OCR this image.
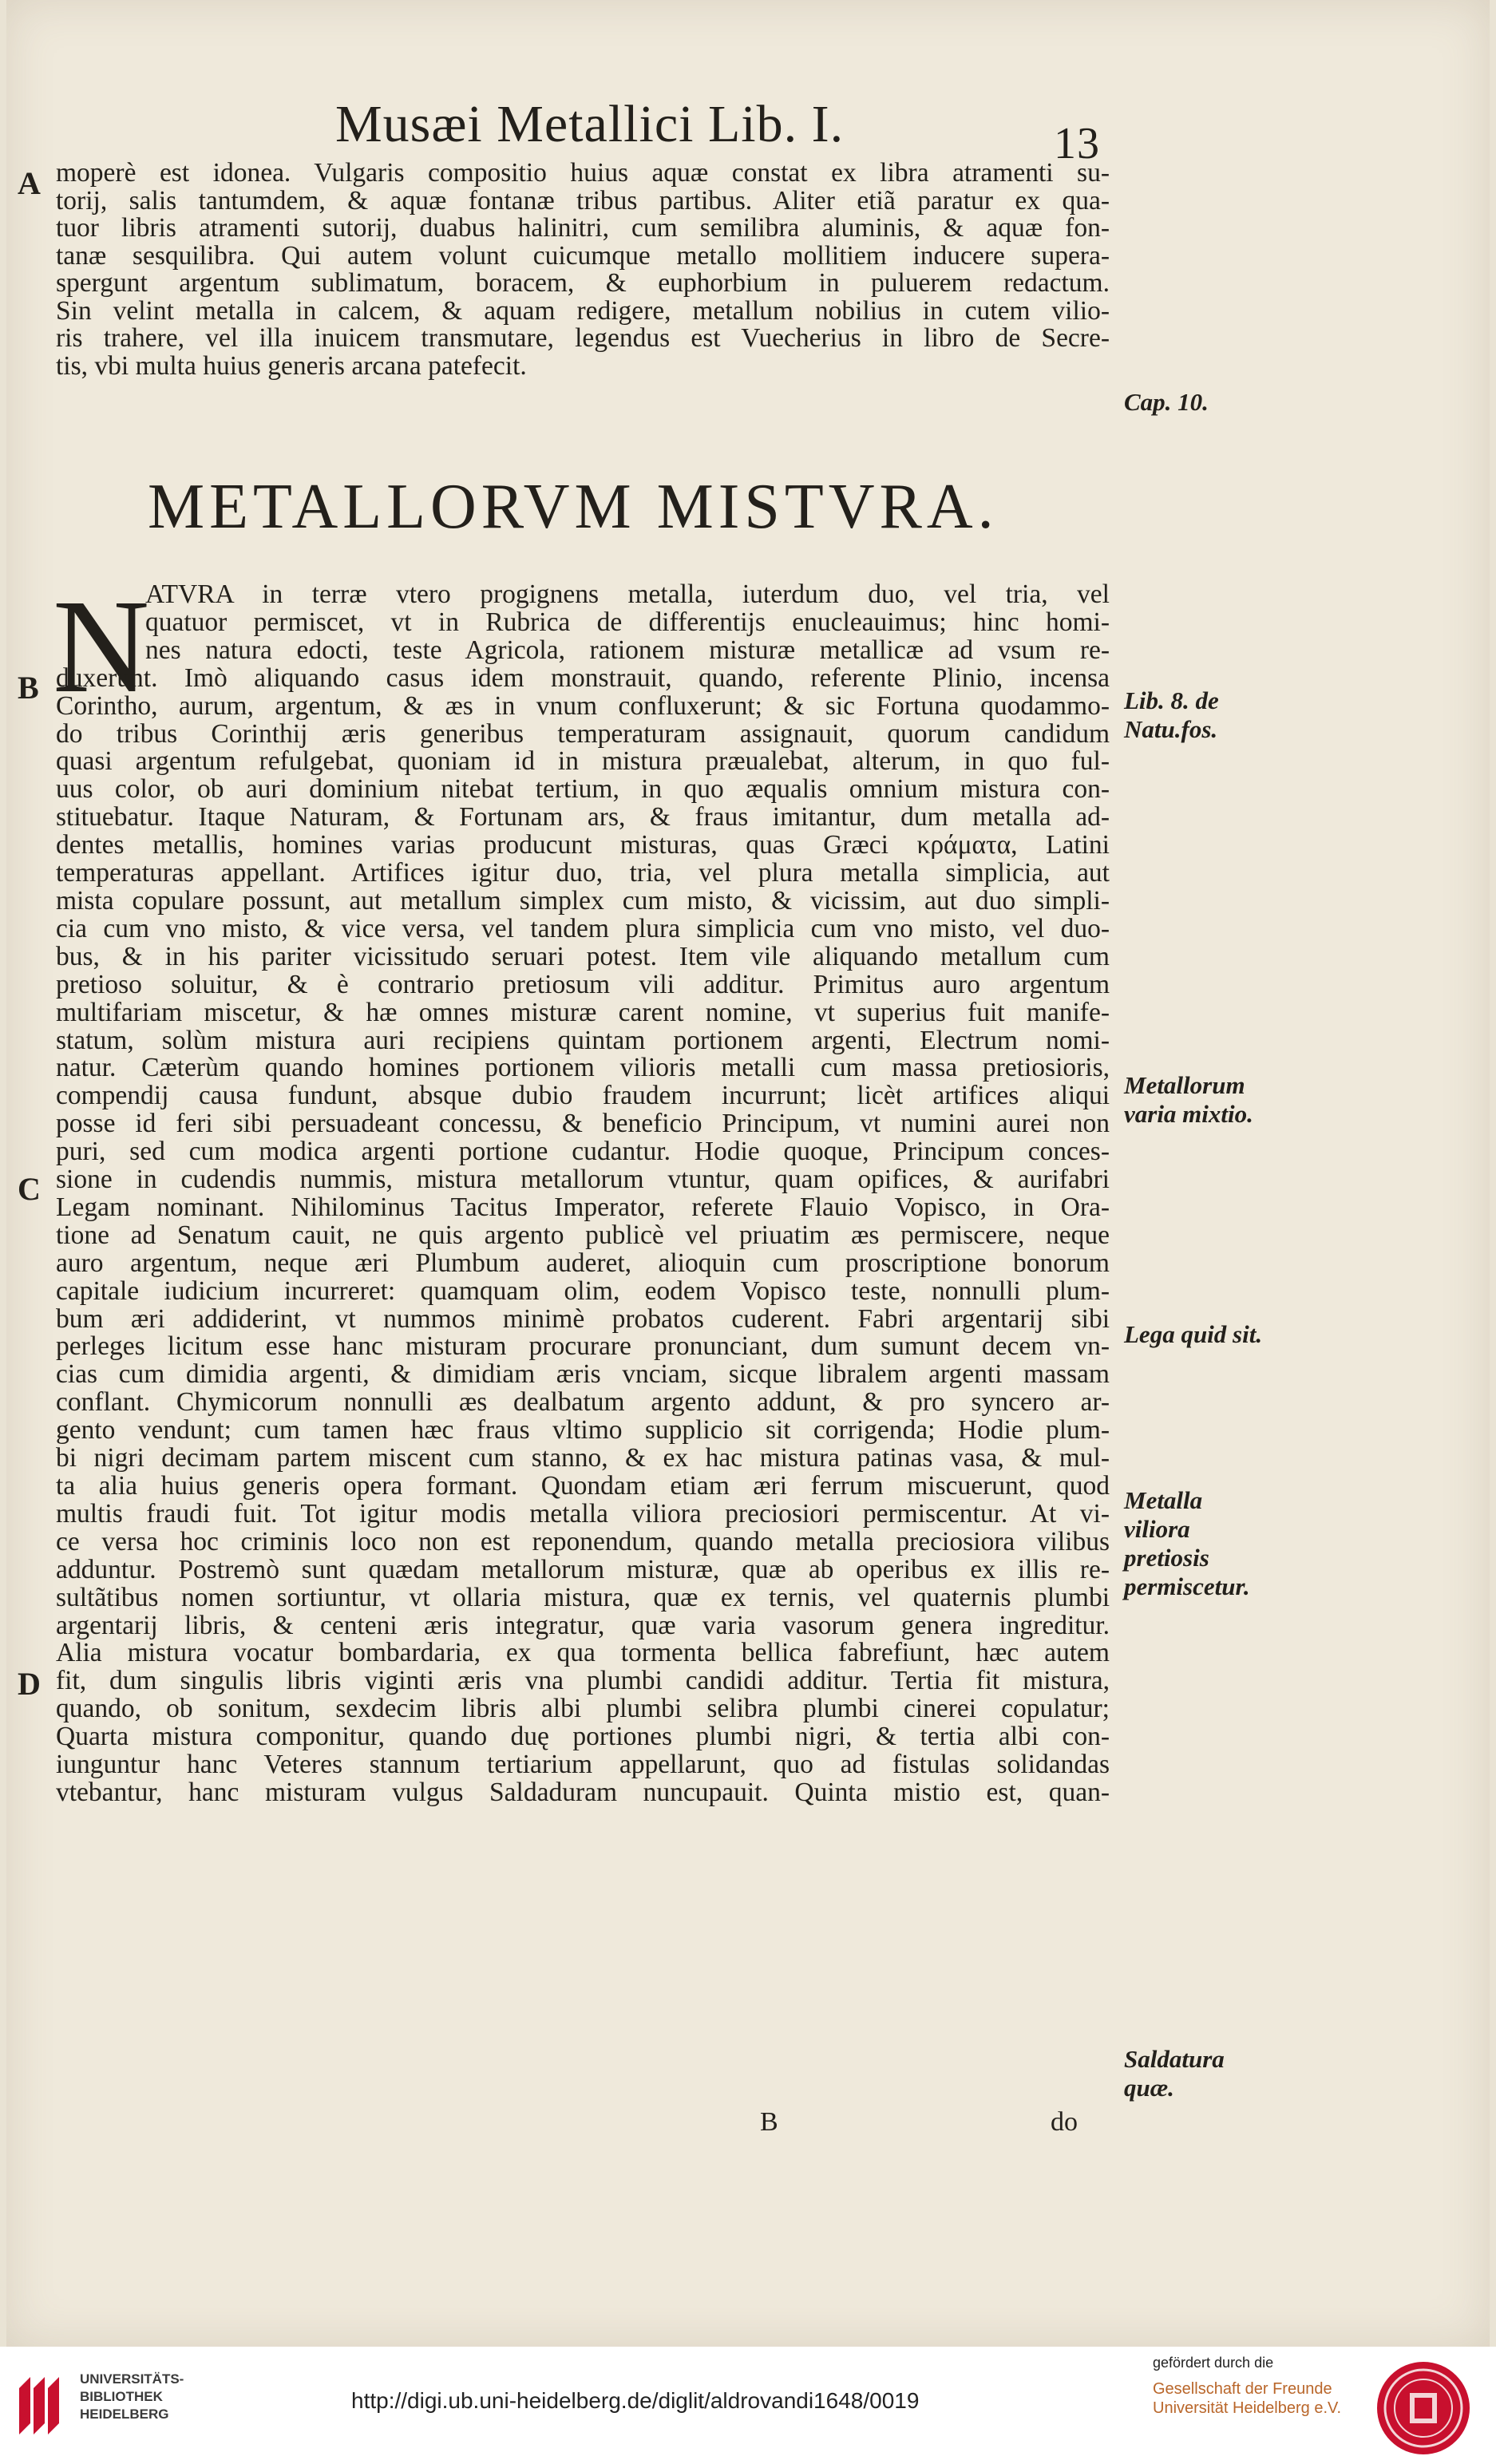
Musæi Metallici Lib. I.	13
A moperè est idonea. Vulgaris compositio huius aquæ constat ex libra atramenti su-
torij, salis tantumdem, & aquæ fontanæ tribus partibus. Aliter etiã paratur ex qua-
tuor libris atramenti sutorij, duabus halinitri, cum semilibra aluminis, & aquæ fon-
tanæ sesquilibra. Qui autem volunt cuicumque metallo mollitiem inducere supera-
spergunt argentum sublimatum, boracem, & euphorbium in puluerem redactum.
Sin velint metalla in calcem, & aquam redigere, metallum nobilius in cutem vilio-
ris trahere, vel illa inuicem transmutare, legendus est Vuecherius in libro de Secre-
tis, vbi multa huius generis arcana patefecit.
Cap. 10.
METALLORVM MISTVRA.
N
B
C
D
ATVRA in terræ vtero progignens metalla, iuterdum duo, vel tria, vel
quatuor permiscet, vt in Rubrica de differentijs enucleauimus; hinc homi-
nes natura edocti, teste Agricola, rationem misturæ metallicæ ad vsum re-
duxerunt. Imò aliquando casus idem monstrauit, quando, referente Plinio, incensa
Corintho, aurum, argentum, & æs in vnum confluxerunt; & sic Fortuna quodammo-
do tribus Corinthij æris generibus temperaturam assignauit, quorum candidum
quasi argentum refulgebat, quoniam id in mistura præualebat, alterum, in quo ful-
uus color, ob auri dominium nitebat tertium, in quo æqualis omnium mistura con-
stituebatur. Itaque Naturam, & Fortunam ars, & fraus imitantur, dum metalla ad-
dentes metallis, homines varias producunt misturas, quas Græci κράματα, Latini
temperaturas appellant. Artifices igitur duo, tria, vel plura metalla simplicia, aut
mista copulare possunt, aut metallum simplex cum misto, & vicissim, aut duo simpli-
cia cum vno misto, & vice versa, vel tandem plura simplicia cum vno misto, vel duo-
bus, & in his pariter vicissitudo seruari potest. Item vile aliquando metallum cum
pretioso soluitur, & è contrario pretiosum vili additur. Primitus auro argentum
multifariam miscetur, & hæ omnes misturæ carent nomine, vt superius fuit manife-
statum, solùm mistura auri recipiens quintam portionem argenti, Electrum nomi-
natur. Cæterùm quando homines portionem vilioris metalli cum massa pretiosioris,
compendij causa fundunt, absque dubio fraudem incurrunt; licèt artifices aliqui
posse id feri sibi persuadeant concessu, & beneficio Principum, vt numini aurei non
puri, sed cum modica argenti portione cudantur. Hodie quoque, Principum conces-
sione in cudendis nummis, mistura metallorum vtuntur, quam opifices, & aurifabri
Legam nominant. Nihilominus Tacitus Imperator, referete Flauio Vopisco, in Ora-
tione ad Senatum cauit, ne quis argento publicè vel priuatim æs permiscere, neque
auro argentum, neque æri Plumbum auderet, alioquin cum proscriptione bonorum
capitale iudicium incurreret: quamquam olim, eodem Vopisco teste, nonnulli plum-
bum æri addiderint, vt nummos minimè probatos cuderent. Fabri argentarij sibi
perleges licitum esse hanc misturam procurare pronunciant, dum sumunt decem vn-
cias cum dimidia argenti, & dimidiam æris vnciam, sicque libralem argenti massam
conflant. Chymicorum nonnulli æs dealbatum argento addunt, & pro syncero ar-
gento vendunt; cum tamen hæc fraus vltimo supplicio sit corrigenda; Hodie plum-
bi nigri decimam partem miscent cum stanno, & ex hac mistura patinas vasa, & mul-
ta alia huius generis opera formant. Quondam etiam æri ferrum miscuerunt, quod
multis fraudi fuit. Tot igitur modis metalla viliora preciosiori permiscentur. At vi-
ce versa hoc criminis loco non est reponendum, quando metalla preciosiora vilibus
adduntur. Postremò sunt quædam metallorum misturæ, quæ ab operibus ex illis re-
sultãtibus nomen sortiuntur, vt ollaria mistura, quæ ex ternis, vel quaternis plumbi
argentarij libris, & centeni æris integratur, quæ varia vasorum genera ingreditur.
Alia mistura vocatur bombardaria, ex qua tormenta bellica fabrefiunt, hæc autem
fit, dum singulis libris viginti æris vna plumbi candidi additur. Tertia fit mistura,
quando, ob sonitum, sexdecim libris albi plumbi selibra plumbi cinerei copulatur;
Quarta mistura componitur, quando duę portiones plumbi nigri, & tertia albi con-
iunguntur hanc Veteres stannum tertiarium appellarunt, quo ad fistulas solidandas
vtebantur, hanc misturam vulgus Saldaduram nuncupauit. Quinta mistio est, quan-
Lib. 8. de Natu.fos.
Metallorum varia mixtio.
Lega quid sit.
Metalla viliora pretiosis permiscetur.
Saldatura quæ.
B	do
UNIVERSITÄTS-
BIBLIOTHEK
HEIDELBERG
http://digi.ub.uni-heidelberg.de/diglit/aldrovandi1648/0019
gefördert durch die
Gesellschaft der Freunde
Universität Heidelberg e.V.
